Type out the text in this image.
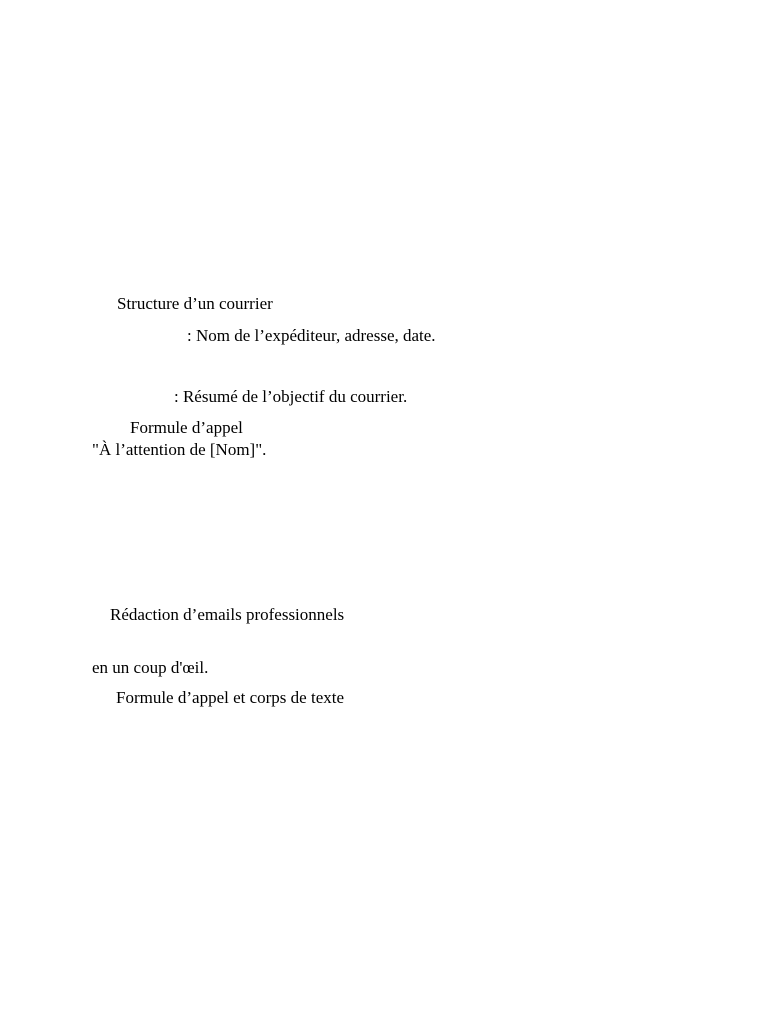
Structure d’un courrier
: Nom de l’expéditeur, adresse, date.
: Résumé de l’objectif du courrier.
Formule d’appel
"À l’attention de [Nom]".
Rédaction d’emails professionnels
en un coup d'œil.
Formule d’appel et corps de texte
